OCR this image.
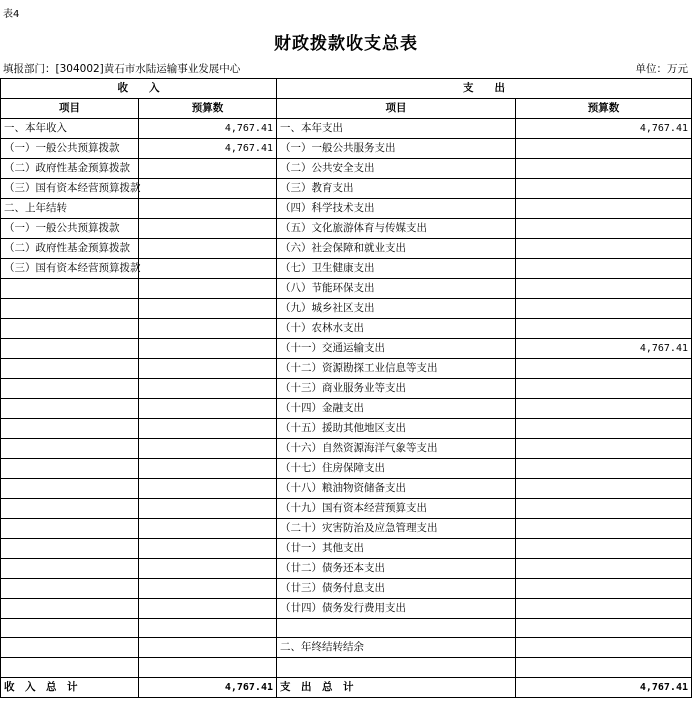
表4
财政拨款收支总表
填报部门：[304002]黄石市水陆运输事业发展中心	单位：万元
收　　入		支　　出	
项目	预算数	项目	预算数
一、本年收入	4,767.41	一、本年支出	4,767.41
（一）一般公共预算拨款	4,767.41	（一）一般公共服务支出	
（二）政府性基金预算拨款		（二）公共安全支出	
（三）国有资本经营预算拨款		（三）教育支出	
二、上年结转		（四）科学技术支出	
（一）一般公共预算拨款		（五）文化旅游体育与传媒支出	
（二）政府性基金预算拨款		（六）社会保障和就业支出	
（三）国有资本经营预算拨款		（七）卫生健康支出	
		（八）节能环保支出	
		（九）城乡社区支出	
		（十）农林水支出	
		（十一）交通运输支出	4,767.41
		（十二）资源勘探工业信息等支出	
		（十三）商业服务业等支出	
		（十四）金融支出	
		（十五）援助其他地区支出	
		（十六）自然资源海洋气象等支出	
		（十七）住房保障支出	
		（十八）粮油物资储备支出	
		（十九）国有资本经营预算支出	
		（二十）灾害防治及应急管理支出	
		（廿一）其他支出	
		（廿二）债务还本支出	
		（廿三）债务付息支出	
		（廿四）债务发行费用支出	

		二、年终结转结余	

收　入　总　计	4,767.41	支　出　总　计	4,767.41
